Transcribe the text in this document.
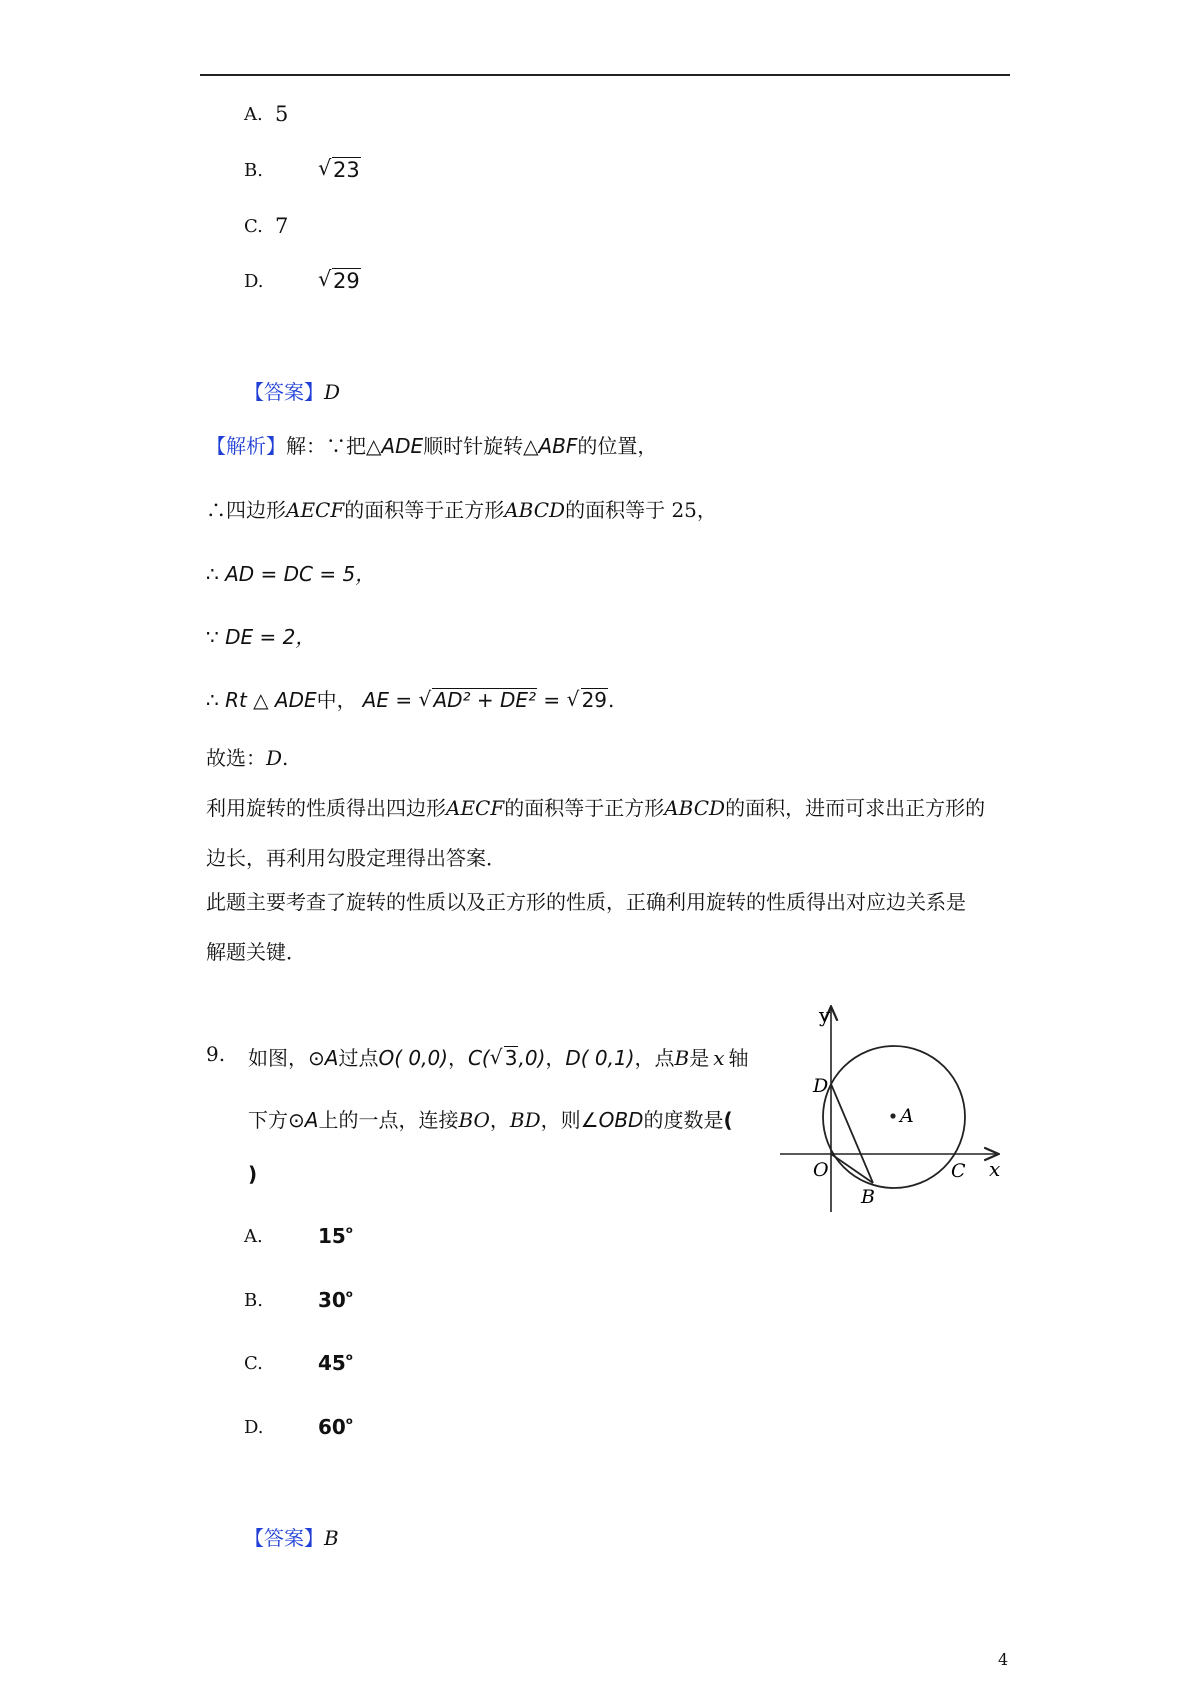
A. 5
B.	√ 23
C. 7
D.	√ 29
【答案】D
【解析】解：∵把△ADE顺时针旋转△ABF的位置，
∴四边形AECF的面积等于正方形ABCD的面积等于 25，
∴ AD = DC = 5，
∵ DE = 2，
∴ Rt △ ADE中， AE = √ AD² + DE² = √ 29.
故选：D.
利用旋转的性质得出四边形AECF的面积等于正方形ABCD的面积，进而可求出正方形的
边长，再利用勾股定理得出答案．
此题主要考查了旋转的性质以及正方形的性质，正确利用旋转的性质得出对应边关系是
解题关键．
9. 如图，⊙A过点O( 0,0)，C( √ 3,0)，D( 0,1)，点B是 x 轴
下方⊙A上的一点，连接BO，BD，则∠OBD的度数是(
)
A.	15$^o$
B.	30$^o$
C.	45$^o$
D.	60$^o$
【答案】B
y
x
O
D
A
C
B
4
